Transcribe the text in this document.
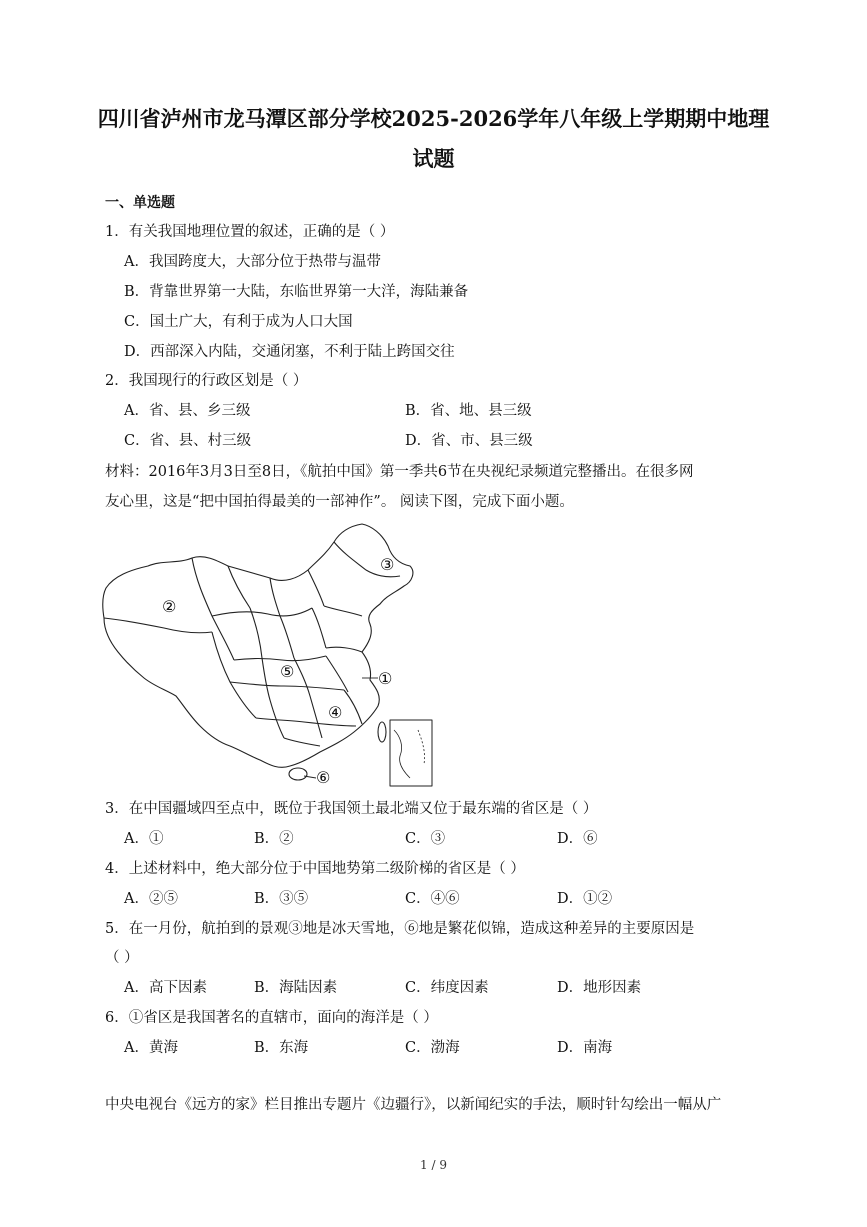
四川省泸州市龙马潭区部分学校2025-2026学年八年级上学期期中地理
试题
一、单选题
1．有关我国地理位置的叙述，正确的是（ ）
A．我国跨度大，大部分位于热带与温带
B．背靠世界第一大陆，东临世界第一大洋，海陆兼备
C．国土广大，有利于成为人口大国
D．西部深入内陆，交通闭塞，不利于陆上跨国交往
2．我国现行的行政区划是（ ）
A．省、县、乡三级	B．省、地、县三级
C．省、县、村三级	D．省、市、县三级
材料：2016年3月3日至8日，《航拍中国》第一季共6节在央视纪录频道完整播出。在很多网
友心里，这是“把中国拍得最美的一部神作”。 阅读下图，完成下面小题。
②
③
⑤
④
①
⑥
3．在中国疆域四至点中，既位于我国领土最北端又位于最东端的省区是（ ）
A．①	B．②	C．③	D．⑥
4．上述材料中，绝大部分位于中国地势第二级阶梯的省区是（ ）
A．②⑤	B．③⑤	C．④⑥	D．①②
5．在一月份，航拍到的景观③地是冰天雪地，⑥地是繁花似锦，造成这种差异的主要原因是
（ ）
A．高下因素	B．海陆因素	C．纬度因素	D．地形因素
6．①省区是我国著名的直辖市，面向的海洋是（ ）
A．黄海	B．东海	C．渤海	D．南海
中央电视台《远方的家》栏目推出专题片《边疆行》，以新闻纪实的手法，顺时针勾绘出一幅从广
1 / 9
